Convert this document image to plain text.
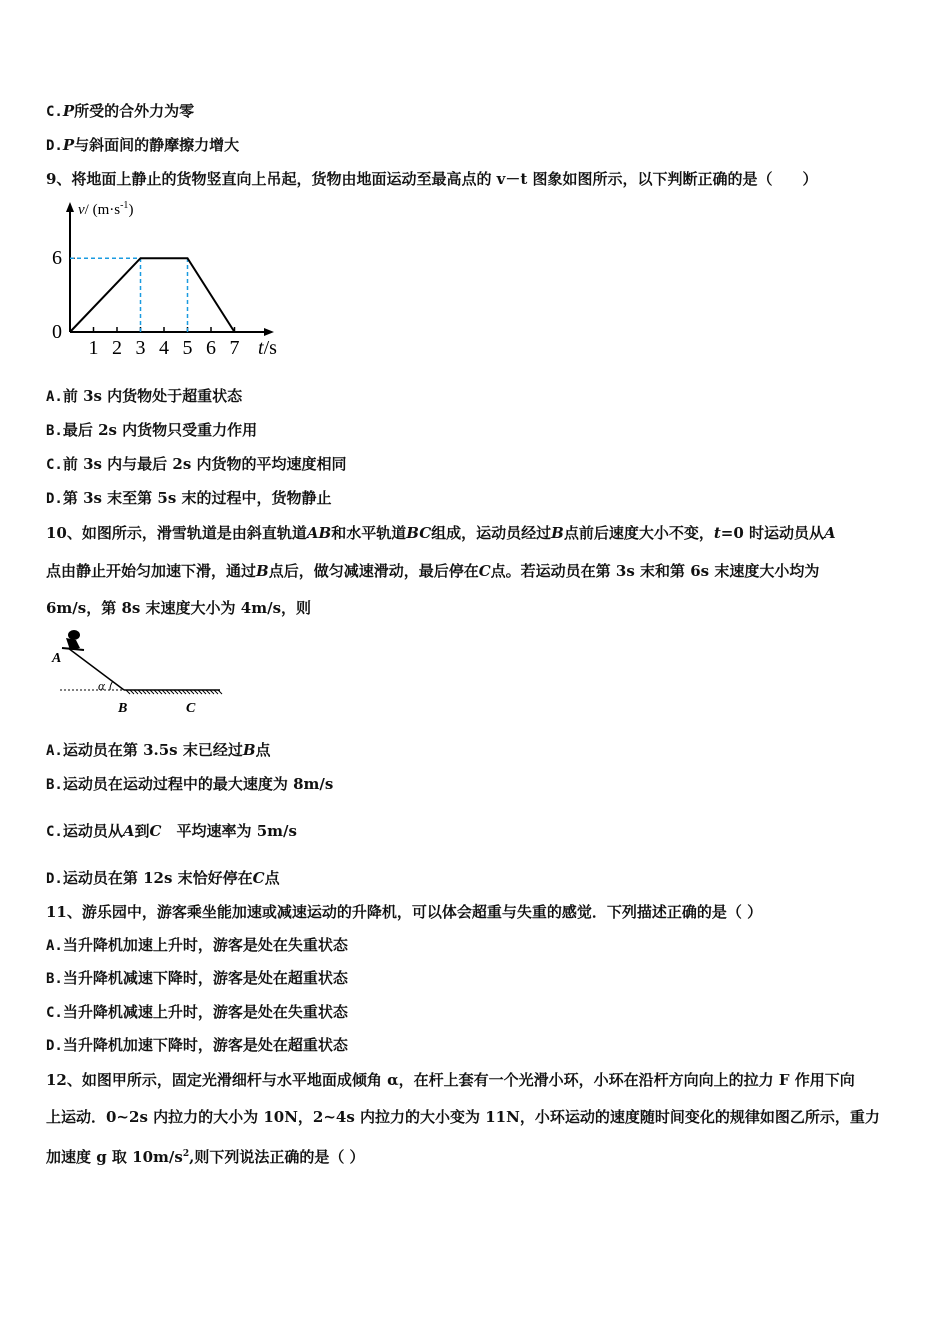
C.P所受的合外力为零
D.P与斜面间的静摩擦力增大
9、将地面上静止的货物竖直向上吊起，货物由地面运动至最高点的 v－t 图象如图所示，以下判断正确的是（　　）
v/ $(m\cdot s^{-1})$
6
0
t/s
1 2 3 4 5 6 7
A.前 3s 内货物处于超重状态
B.最后 2s 内货物只受重力作用
C.前 3s 内与最后 2s 内货物的平均速度相同
D.第 3s 末至第 5s 末的过程中，货物静止
10、如图所示，滑雪轨道是由斜直轨道AB和水平轨道BC组成，运动员经过B点前后速度大小不变，t=0 时运动员从A
点由静止开始匀加速下滑，通过B点后，做匀减速滑动，最后停在C点。若运动员在第 3s 末和第 6s 末速度大小均为
6m/s，第 8s 末速度大小为 4m/s，则
A
α
B	C
A.运动员在第 3.5s 末已经过B点
B.运动员在运动过程中的最大速度为 8m/s
C.运动员从A到C　平均速率为 5m/s
D.运动员在第 12s 末恰好停在C点
11、游乐园中，游客乘坐能加速或减速运动的升降机，可以体会超重与失重的感觉．下列描述正确的是（ ）
A.当升降机加速上升时，游客是处在失重状态
B.当升降机减速下降时，游客是处在超重状态
C.当升降机减速上升时，游客是处在失重状态
D.当升降机加速下降时，游客是处在超重状态
12、如图甲所示，固定光滑细杆与水平地面成倾角 α，在杆上套有一个光滑小环，小环在沿杆方向向上的拉力 F 作用下向
上运动．0~2s 内拉力的大小为 10N，2~4s 内拉力的大小变为 11N，小环运动的速度随时间变化的规律如图乙所示，重力
加速度 g 取 $10m/s^2$,则下列说法正确的是（ ）
